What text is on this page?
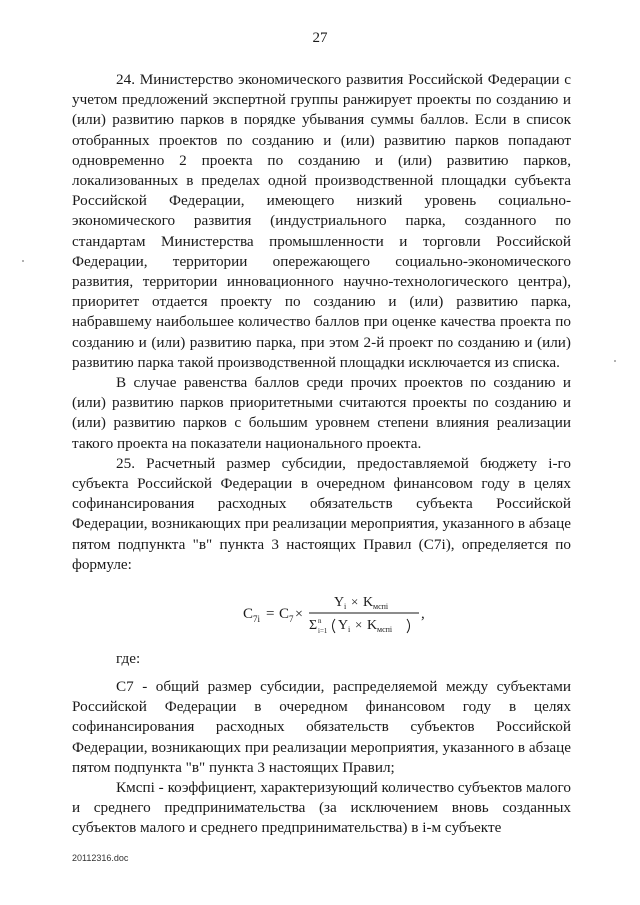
27

24. Министерство экономического развития Российской Федерации с учетом предложений экспертной группы ранжирует проекты по созданию и (или) развитию парков в порядке убывания суммы баллов. Если в список отобранных проектов по созданию и (или) развитию парков попадают одновременно 2 проекта по созданию и (или) развитию парков, локализованных в пределах одной производственной площадки субъекта Российской Федерации, имеющего низкий уровень социально-экономического развития (индустриального парка, созданного по стандартам Министерства промышленности и торговли Российской Федерации, территории опережающего социально-экономического развития, территории инновационного научно-технологического центра), приоритет отдается проекту по созданию и (или) развитию парка, набравшему наибольшее количество баллов при оценке качества проекта по созданию и (или) развитию парка, при этом 2-й проект по созданию и (или) развитию парка такой производственной площадки исключается из списка.

В случае равенства баллов среди прочих проектов по созданию и (или) развитию парков приоритетными считаются проекты по созданию и (или) развитию парков с большим уровнем степени влияния реализации такого проекта на показатели национального проекта.

25. Расчетный размер субсидии, предоставляемой бюджету i-го субъекта Российской Федерации в очередном финансовом году в целях софинансирования расходных обязательств субъекта Российской Федерации, возникающих при реализации мероприятия, указанного в абзаце пятом подпункта "в" пункта 3 настоящих Правил (С7i), определяется по формуле:

C 7i = C 7 ×
Y i × K мспi
Σ n
i=1 Y i × K мспi
,
где:

С7 - общий размер субсидии, распределяемой между субъектами Российской Федерации в очередном финансовом году в целях софинансирования расходных обязательств субъектов Российской Федерации, возникающих при реализации мероприятия, указанного в абзаце пятом подпункта "в" пункта 3 настоящих Правил;

Кмспi - коэффициент, характеризующий количество субъектов малого и среднего предпринимательства (за исключением вновь созданных субъектов малого и среднего предпринимательства) в i-м субъекте

20112316.doc
